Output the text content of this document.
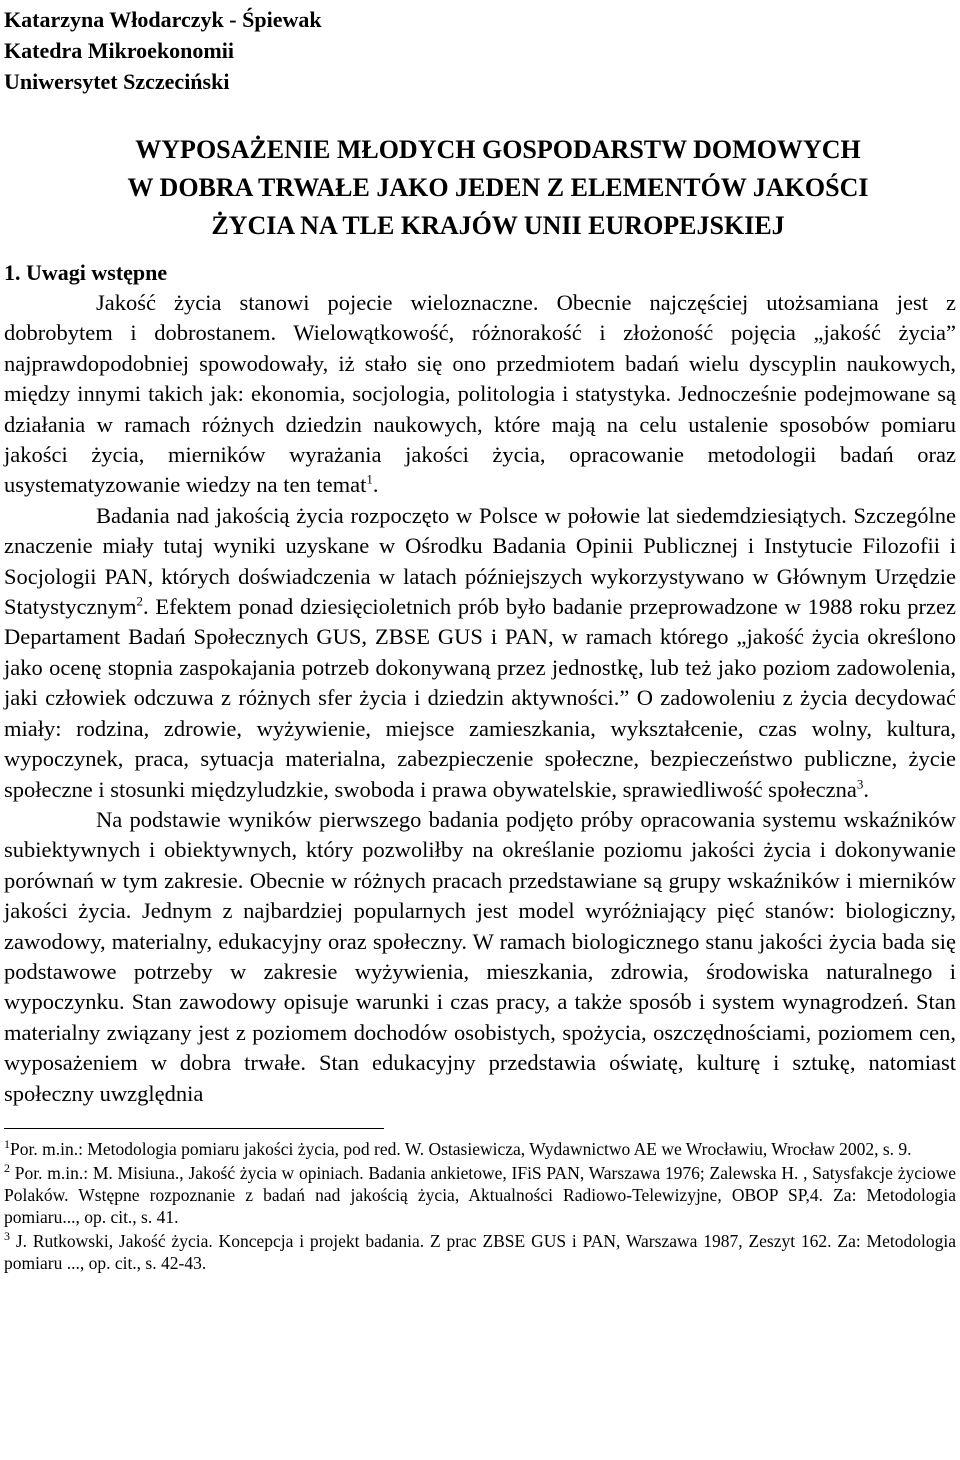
Katarzyna Włodarczyk - Śpiewak
Katedra Mikroekonomii
Uniwersytet Szczeciński
WYPOSAŻENIE MŁODYCH GOSPODARSTW DOMOWYCH
W DOBRA TRWAŁE JAKO JEDEN Z ELEMENTÓW JAKOŚCI
ŻYCIA NA TLE KRAJÓW UNII EUROPEJSKIEJ
1. Uwagi wstępne

Jakość życia stanowi pojecie wieloznaczne. Obecnie najczęściej utożsamiana jest z dobrobytem i dobrostanem. Wielowątkowość, różnorakość i złożoność pojęcia „jakość życia” najprawdopodobniej spowodowały, iż stało się ono przedmiotem badań wielu dyscyplin naukowych, między innymi takich jak: ekonomia, socjologia, politologia i statystyka. Jednocześnie podejmowane są działania w ramach różnych dziedzin naukowych, które mają na celu ustalenie sposobów pomiaru jakości życia, mierników wyrażania jakości życia, opracowanie metodologii badań oraz usystematyzowanie wiedzy na ten temat$^1$.

Badania nad jakością życia rozpoczęto w Polsce w połowie lat siedemdziesiątych. Szczególne znaczenie miały tutaj wyniki uzyskane w Ośrodku Badania Opinii Publicznej i Instytucie Filozofii i Socjologii PAN, których doświadczenia w latach późniejszych wykorzystywano w Głównym Urzędzie Statystycznym$^2$. Efektem ponad dziesięcioletnich prób było badanie przeprowadzone w 1988 roku przez Departament Badań Społecznych GUS, ZBSE GUS i PAN, w ramach którego „jakość życia określono jako ocenę stopnia zaspokajania potrzeb dokonywaną przez jednostkę, lub też jako poziom zadowolenia, jaki człowiek odczuwa z różnych sfer życia i dziedzin aktywności.” O zadowoleniu z życia decydować miały: rodzina, zdrowie, wyżywienie, miejsce zamieszkania, wykształcenie, czas wolny, kultura, wypoczynek, praca, sytuacja materialna, zabezpieczenie społeczne, bezpieczeństwo publiczne, życie społeczne i stosunki międzyludzkie, swoboda i prawa obywatelskie, sprawiedliwość społeczna$^3$.

Na podstawie wyników pierwszego badania podjęto próby opracowania systemu wskaźników subiektywnych i obiektywnych, który pozwoliłby na określanie poziomu jakości życia i dokonywanie porównań w tym zakresie. Obecnie w różnych pracach przedstawiane są grupy wskaźników i mierników jakości życia. Jednym z najbardziej popularnych jest model wyróżniający pięć stanów: biologiczny, zawodowy, materialny, edukacyjny oraz społeczny. W ramach biologicznego stanu jakości życia bada się podstawowe potrzeby w zakresie wyżywienia, mieszkania, zdrowia, środowiska naturalnego i wypoczynku. Stan zawodowy opisuje warunki i czas pracy, a także sposób i system wynagrodzeń. Stan materialny związany jest z poziomem dochodów osobistych, spożycia, oszczędnościami, poziomem cen, wyposażeniem w dobra trwałe. Stan edukacyjny przedstawia oświatę, kulturę i sztukę, natomiast społeczny uwzględnia

$^1$Por. m.in.: Metodologia pomiaru jakości życia, pod red. W. Ostasiewicza, Wydawnictwo AE we Wrocławiu, Wrocław 2002, s. 9.

$^2$ Por. m.in.: M. Misiuna., Jakość życia w opiniach. Badania ankietowe, IFiS PAN, Warszawa 1976; Zalewska H. , Satysfakcje życiowe Polaków. Wstępne rozpoznanie z badań nad jakością życia, Aktualności Radiowo-Telewizyjne, OBOP SP,4. Za: Metodologia pomiaru..., op. cit., s. 41.

$^3$ J. Rutkowski, Jakość życia. Koncepcja i projekt badania. Z prac ZBSE GUS i PAN, Warszawa 1987, Zeszyt 162. Za: Metodologia pomiaru ..., op. cit., s. 42-43.
